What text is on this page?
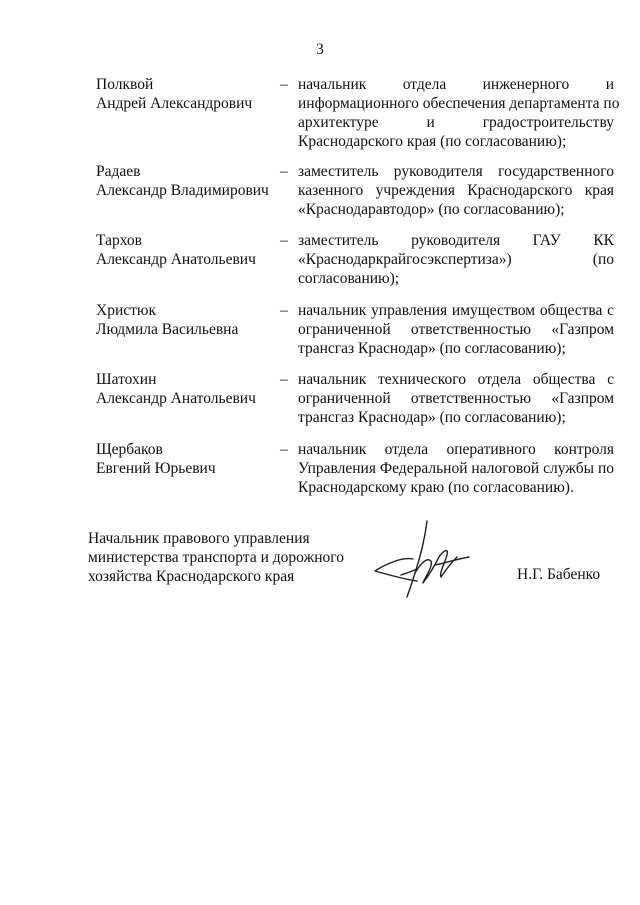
3
Полквой
Андрей Александрович
– начальник отдела инженерного и
информационного обеспечения департамента по
архитектуре и градостроительству
Краснодарского края (по согласованию);
Радаев
Александр Владимирович
– заместитель руководителя государственного
казенного учреждения Краснодарского края
«Краснодаравтодор» (по согласованию);
Тархов
Александр Анатольевич
– заместитель руководителя ГАУ КК
«Краснодаркрайгосэкспертиза») (по
согласованию);
Христюк
Людмила Васильевна
– начальник управления имуществом общества с
ограниченной ответственностью «Газпром
трансгаз Краснодар» (по согласованию);
Шатохин
Александр Анатольевич
– начальник технического отдела общества с
ограниченной ответственностью «Газпром
трансгаз Краснодар» (по согласованию);
Щербаков
Евгений Юрьевич
– начальник отдела оперативного контроля
Управления Федеральной налоговой службы по
Краснодарскому краю (по согласованию).
Начальник правового управления
министерства транспорта и дорожного
хозяйства Краснодарского края	Н.Г. Бабенко
